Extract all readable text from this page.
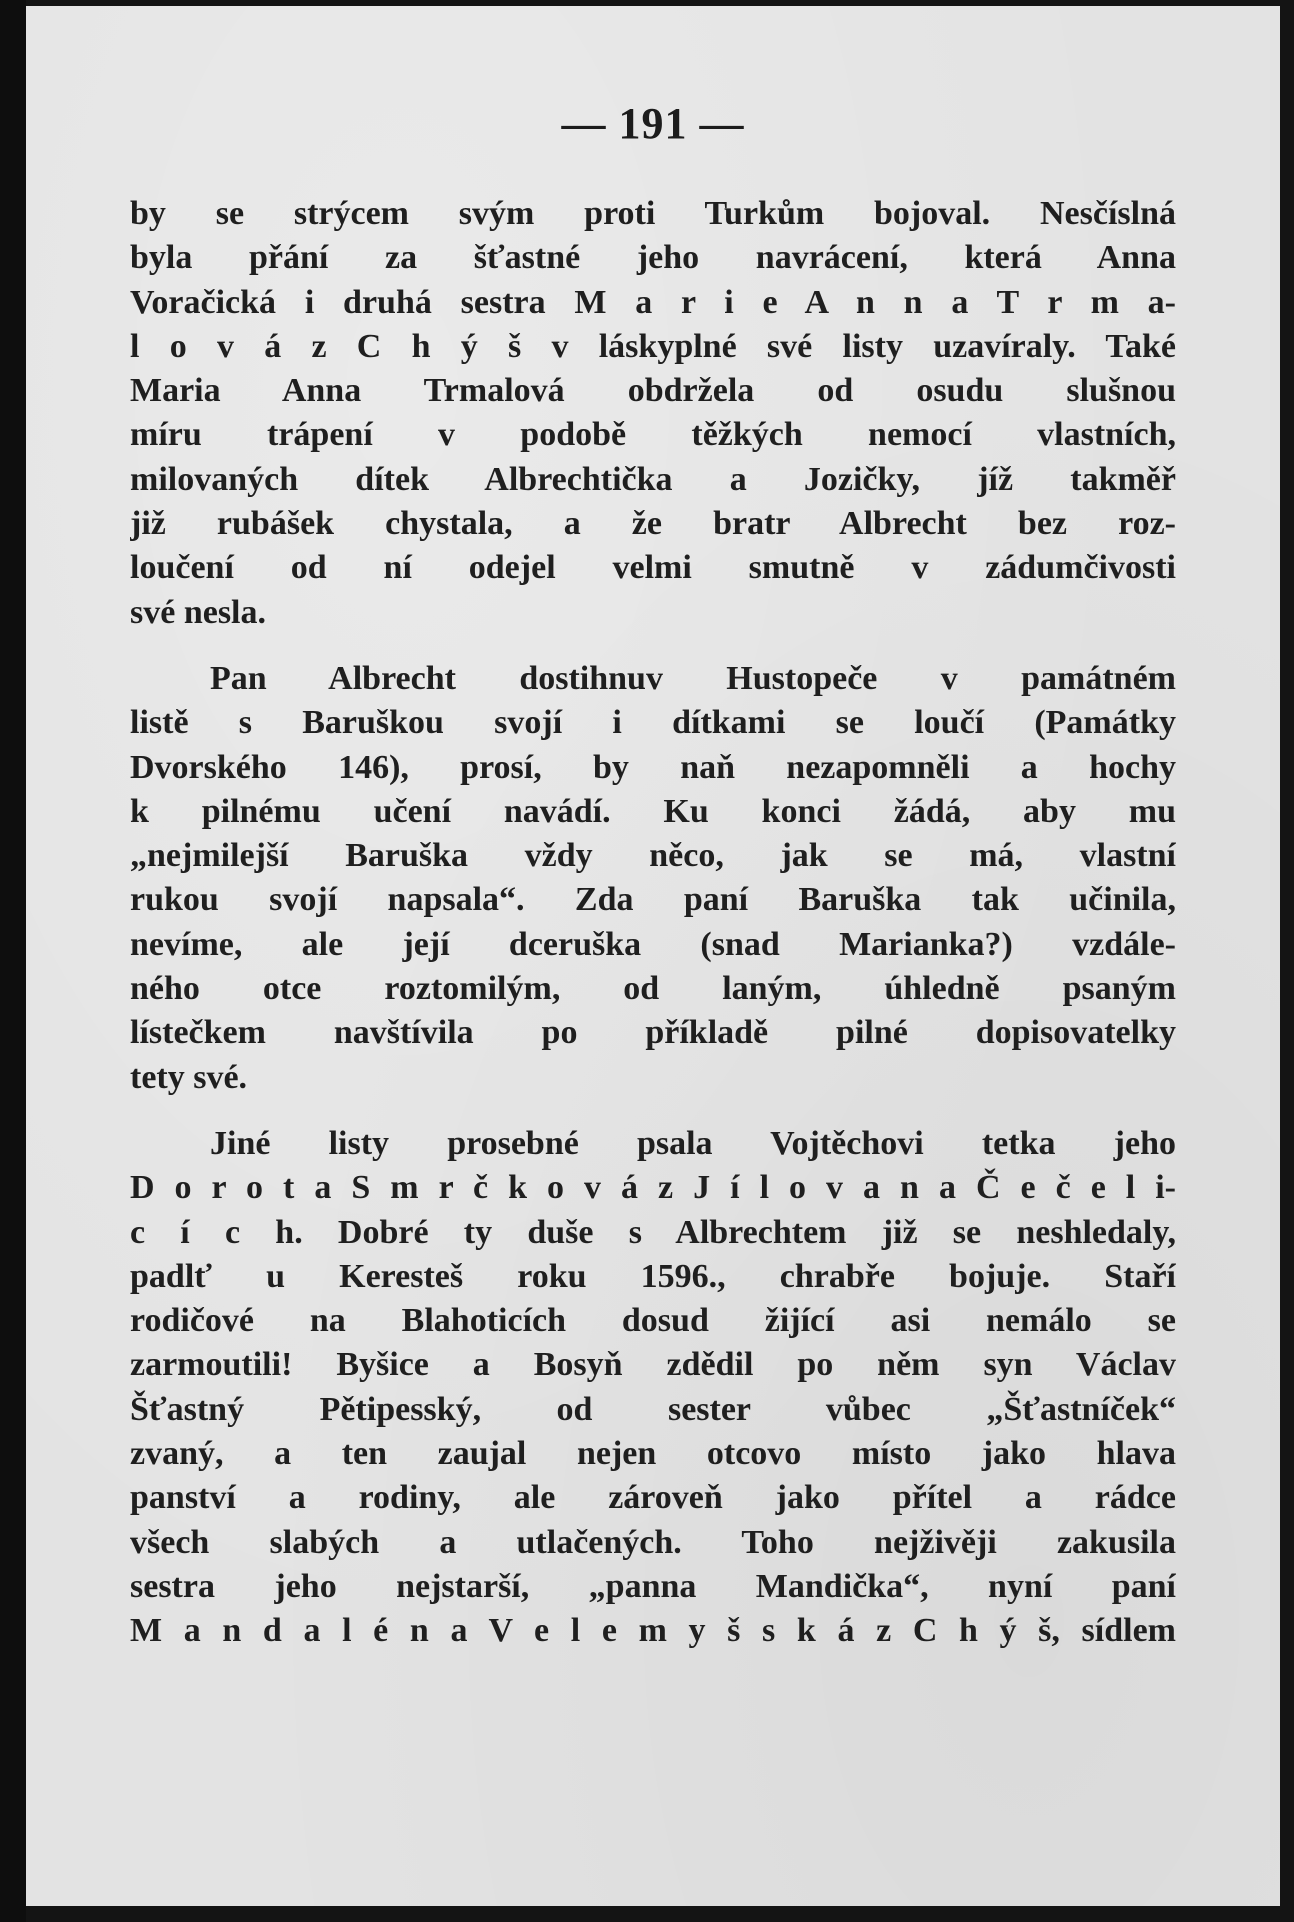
— 191 —
by se strýcem svým proti Turkům bojoval. Nesčíslná
byla přání za šťastné jeho navrácení, která Anna
Voračická i druhá sestra M a r i e A n n a T r m a-
l o v á z C h ý š v láskyplné své listy uzavíraly. Také
Maria Anna Trmalová obdržela od osudu slušnou
míru trápení v podobě těžkých nemocí vlastních,
milovaných dítek Albrechtička a Jozičky, jíž takměř
již rubášek chystala, a že bratr Albrecht bez roz-
loučení od ní odejel velmi smutně v zádumčivosti
své nesla.
Pan Albrecht dostihnuv Hustopeče v památném
listě s Baruškou svojí i dítkami se loučí (Památky
Dvorského 146), prosí, by naň nezapomněli a hochy
k pilnému učení navádí. Ku konci žádá, aby mu
„nejmilejší Baruška vždy něco, jak se má, vlastní
rukou svojí napsala“. Zda paní Baruška tak učinila,
nevíme, ale její dceruška (snad Marianka?) vzdále-
ného otce roztomilým, od laným, úhledně psaným
lístečkem navštívila po příkladě pilné dopisovatelky
tety své.
Jiné listy prosebné psala Vojtěchovi tetka jeho
D o r o t a S m r č k o v á z J í l o v a n a Č e č e l i-
c í c h. Dobré ty duše s Albrechtem již se neshledaly,
padlť u Keresteš roku 1596., chrabře bojuje. Staří
rodičové na Blahoticích dosud žijící asi nemálo se
zarmoutili! Byšice a Bosyň zdědil po něm syn Václav
Šťastný Pětipesský, od sester vůbec „Šťastníček“
zvaný, a ten zaujal nejen otcovo místo jako hlava
panství a rodiny, ale zároveň jako přítel a rádce
všech slabých a utlačených. Toho nejživěji zakusila
sestra jeho nejstarší, „panna Mandička“, nyní paní
M a n d a l é n a V e l e m y š s k á z C h ý š, sídlem
